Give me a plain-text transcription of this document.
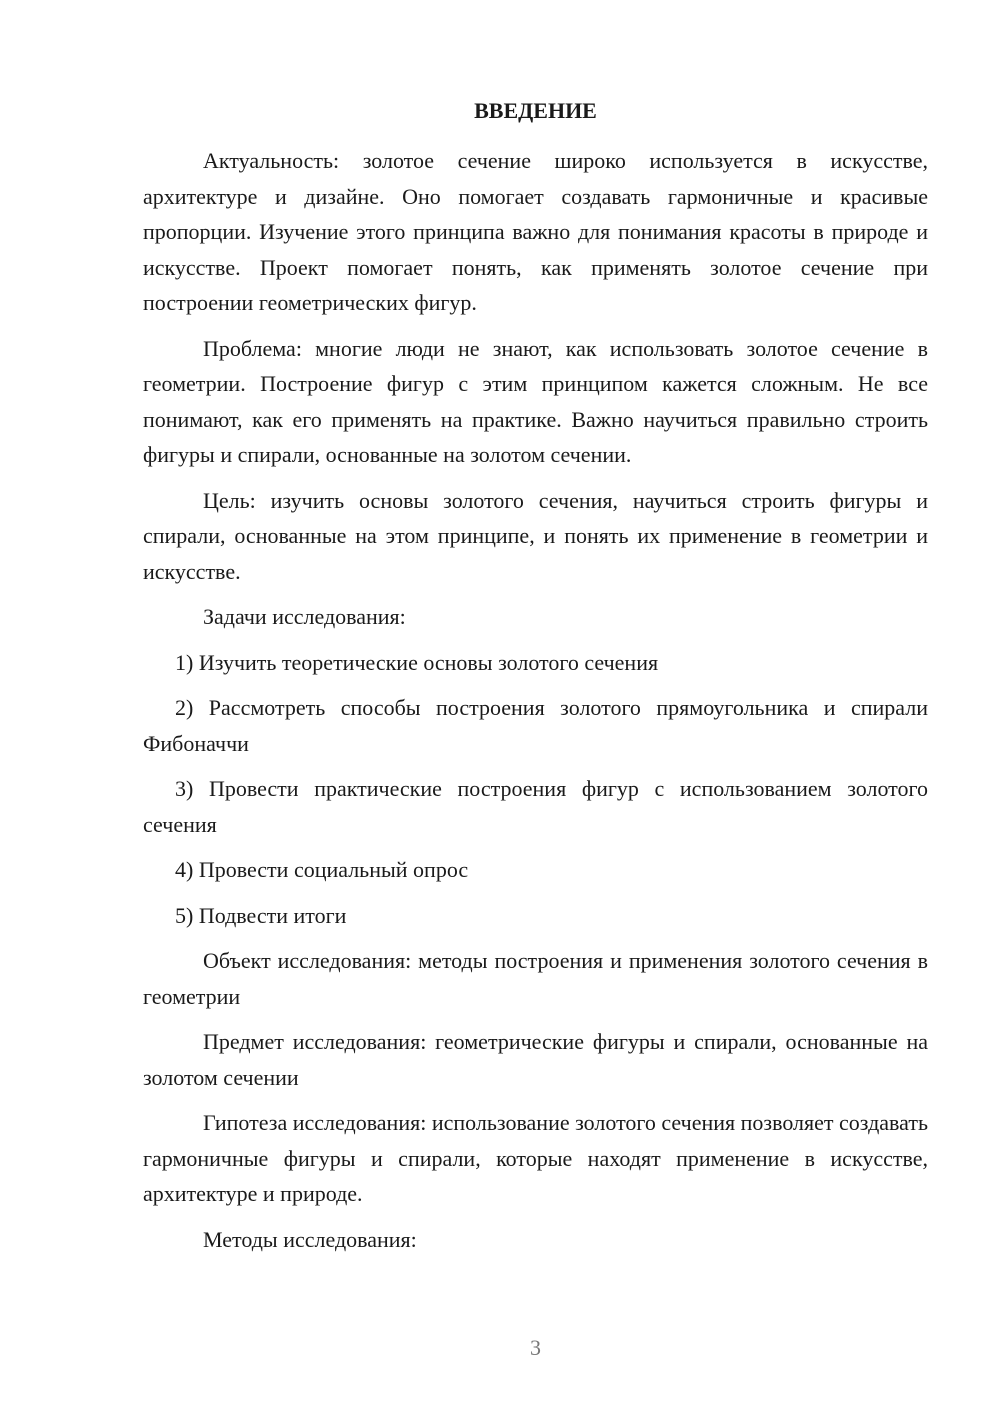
ВВЕДЕНИЕ

Актуальность: золотое сечение широко используется в искусстве, архитектуре и дизайне. Оно помогает создавать гармоничные и красивые пропорции. Изучение этого принципа важно для понимания красоты в природе и искусстве. Проект помогает понять, как применять золотое сечение при построении геометрических фигур.

Проблема: многие люди не знают, как использовать золотое сечение в геометрии. Построение фигур с этим принципом кажется сложным. Не все понимают, как его применять на практике. Важно научиться правильно строить фигуры и спирали, основанные на золотом сечении.

Цель: изучить основы золотого сечения, научиться строить фигуры и спирали, основанные на этом принципе, и понять их применение в геометрии и искусстве.

Задачи исследования:

1) Изучить теоретические основы золотого сечения

2) Рассмотреть способы построения золотого прямоугольника и спирали Фибоначчи

3) Провести практические построения фигур с использованием золотого сечения

4) Провести социальный опрос

5) Подвести итоги

Объект исследования: методы построения и применения золотого сечения в геометрии

Предмет исследования: геометрические фигуры и спирали, основанные на золотом сечении

Гипотеза исследования: использование золотого сечения позволяет создавать гармоничные фигуры и спирали, которые находят применение в искусстве, архитектуре и природе.

Методы исследования:

3
